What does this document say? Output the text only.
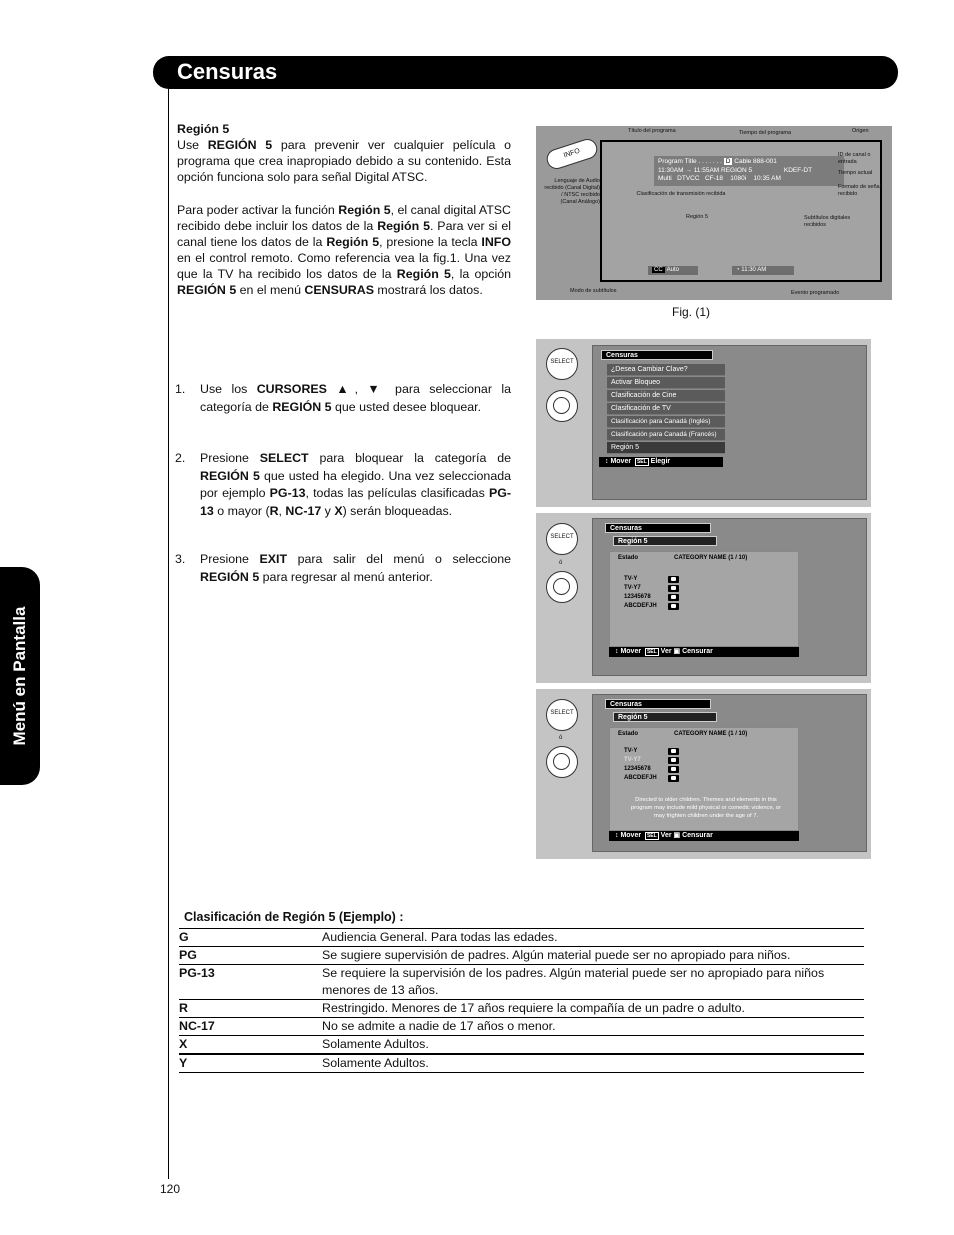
Censuras
Menú en Pantalla
Región 5

Use REGIÓN 5 para prevenir ver cualquier película o programa que crea inapropiado debido a su contenido. Esta opción funciona solo para señal Digital ATSC.

Para poder activar la función Región 5, el canal digital ATSC recibido debe incluir los datos de la Región 5. Para ver si el canal tiene los datos de la Región 5, presione la tecla INFO en el control remoto. Como referencia vea la fig.1. Una vez que la TV ha recibido los datos de la Región 5, la opción REGIÓN 5 en el menú CENSURAS mostrará los datos.

1. Use los CURSORES ▲, ▼ para seleccionar la categoría de REGIÓN 5 que usted desee bloquear.
2. Presione SELECT para bloquear la categoría de REGIÓN 5 que usted ha elegido. Una vez seleccionada por ejemplo PG-13, todas las películas clasificadas PG-13 o mayor (R, NC-17 y X) serán bloqueadas.
3. Presione EXIT para salir del menú o seleccione REGIÓN 5 para regresar al menú anterior.
INFO
Program Title . . . . . . . D Cable 888-001
11:30AM → 11:55AM REGION 5	KDEF-DT
Multi DTVCC CF-18 1080i 10:35 AM
CC Auto	◔ 11:30 AM
Título del programa	Tiempo del programa	Origen
ID de canal o entrada
Tiempo actual
Formato de señal recibido
Lenguaje de Audio recibido (Canal Digital) / NTSC recibido (Canal Análogo)
Clasificación de transmisión recibida
Región 5	Subtítulos digitales recibidos
Modo de subtítulos	Evento programado
Fig. (1)
SELECT
Censuras
¿Desea Cambiar Clave?
Activar Bloqueo
Clasificación de Cine
Clasificación de TV
Clasificación para Canadá (Inglés)
Clasificación para Canadá (Francés)
Región 5
↕ Mover SEL Elegir
SELECT
ó
Censuras
Región 5
Estado	CATEGORY NAME (1 / 10)
TV-Y
TV-Y7
12345678
ABCDEFJH
↕ Mover SEL Ver ▣ Censurar
SELECT
ó
Censuras
Región 5
Estado	CATEGORY NAME (1 / 10)
TV-Y
TV-Y7
12345678
ABCDEFJH
Directed to older children. Themes and elements in this program may include mild physical or comedic violence, or may frighten children under the age of 7.
↕ Mover SEL Ver ▣ Censurar
Clasificación de Región 5 (Ejemplo) :
G	Audiencia General. Para todas las edades.
PG	Se sugiere supervisión de padres. Algún material puede ser no apropiado para niños.
PG-13	Se requiere la supervisión de los padres. Algún material puede ser no apropiado para niños menores de 13 años.
R	Restringido. Menores de 17 años requiere la compañía de un padre o adulto.
NC-17	No se admite a nadie de 17 años o menor.
X	Solamente Adultos.
Y	Solamente Adultos.
120
